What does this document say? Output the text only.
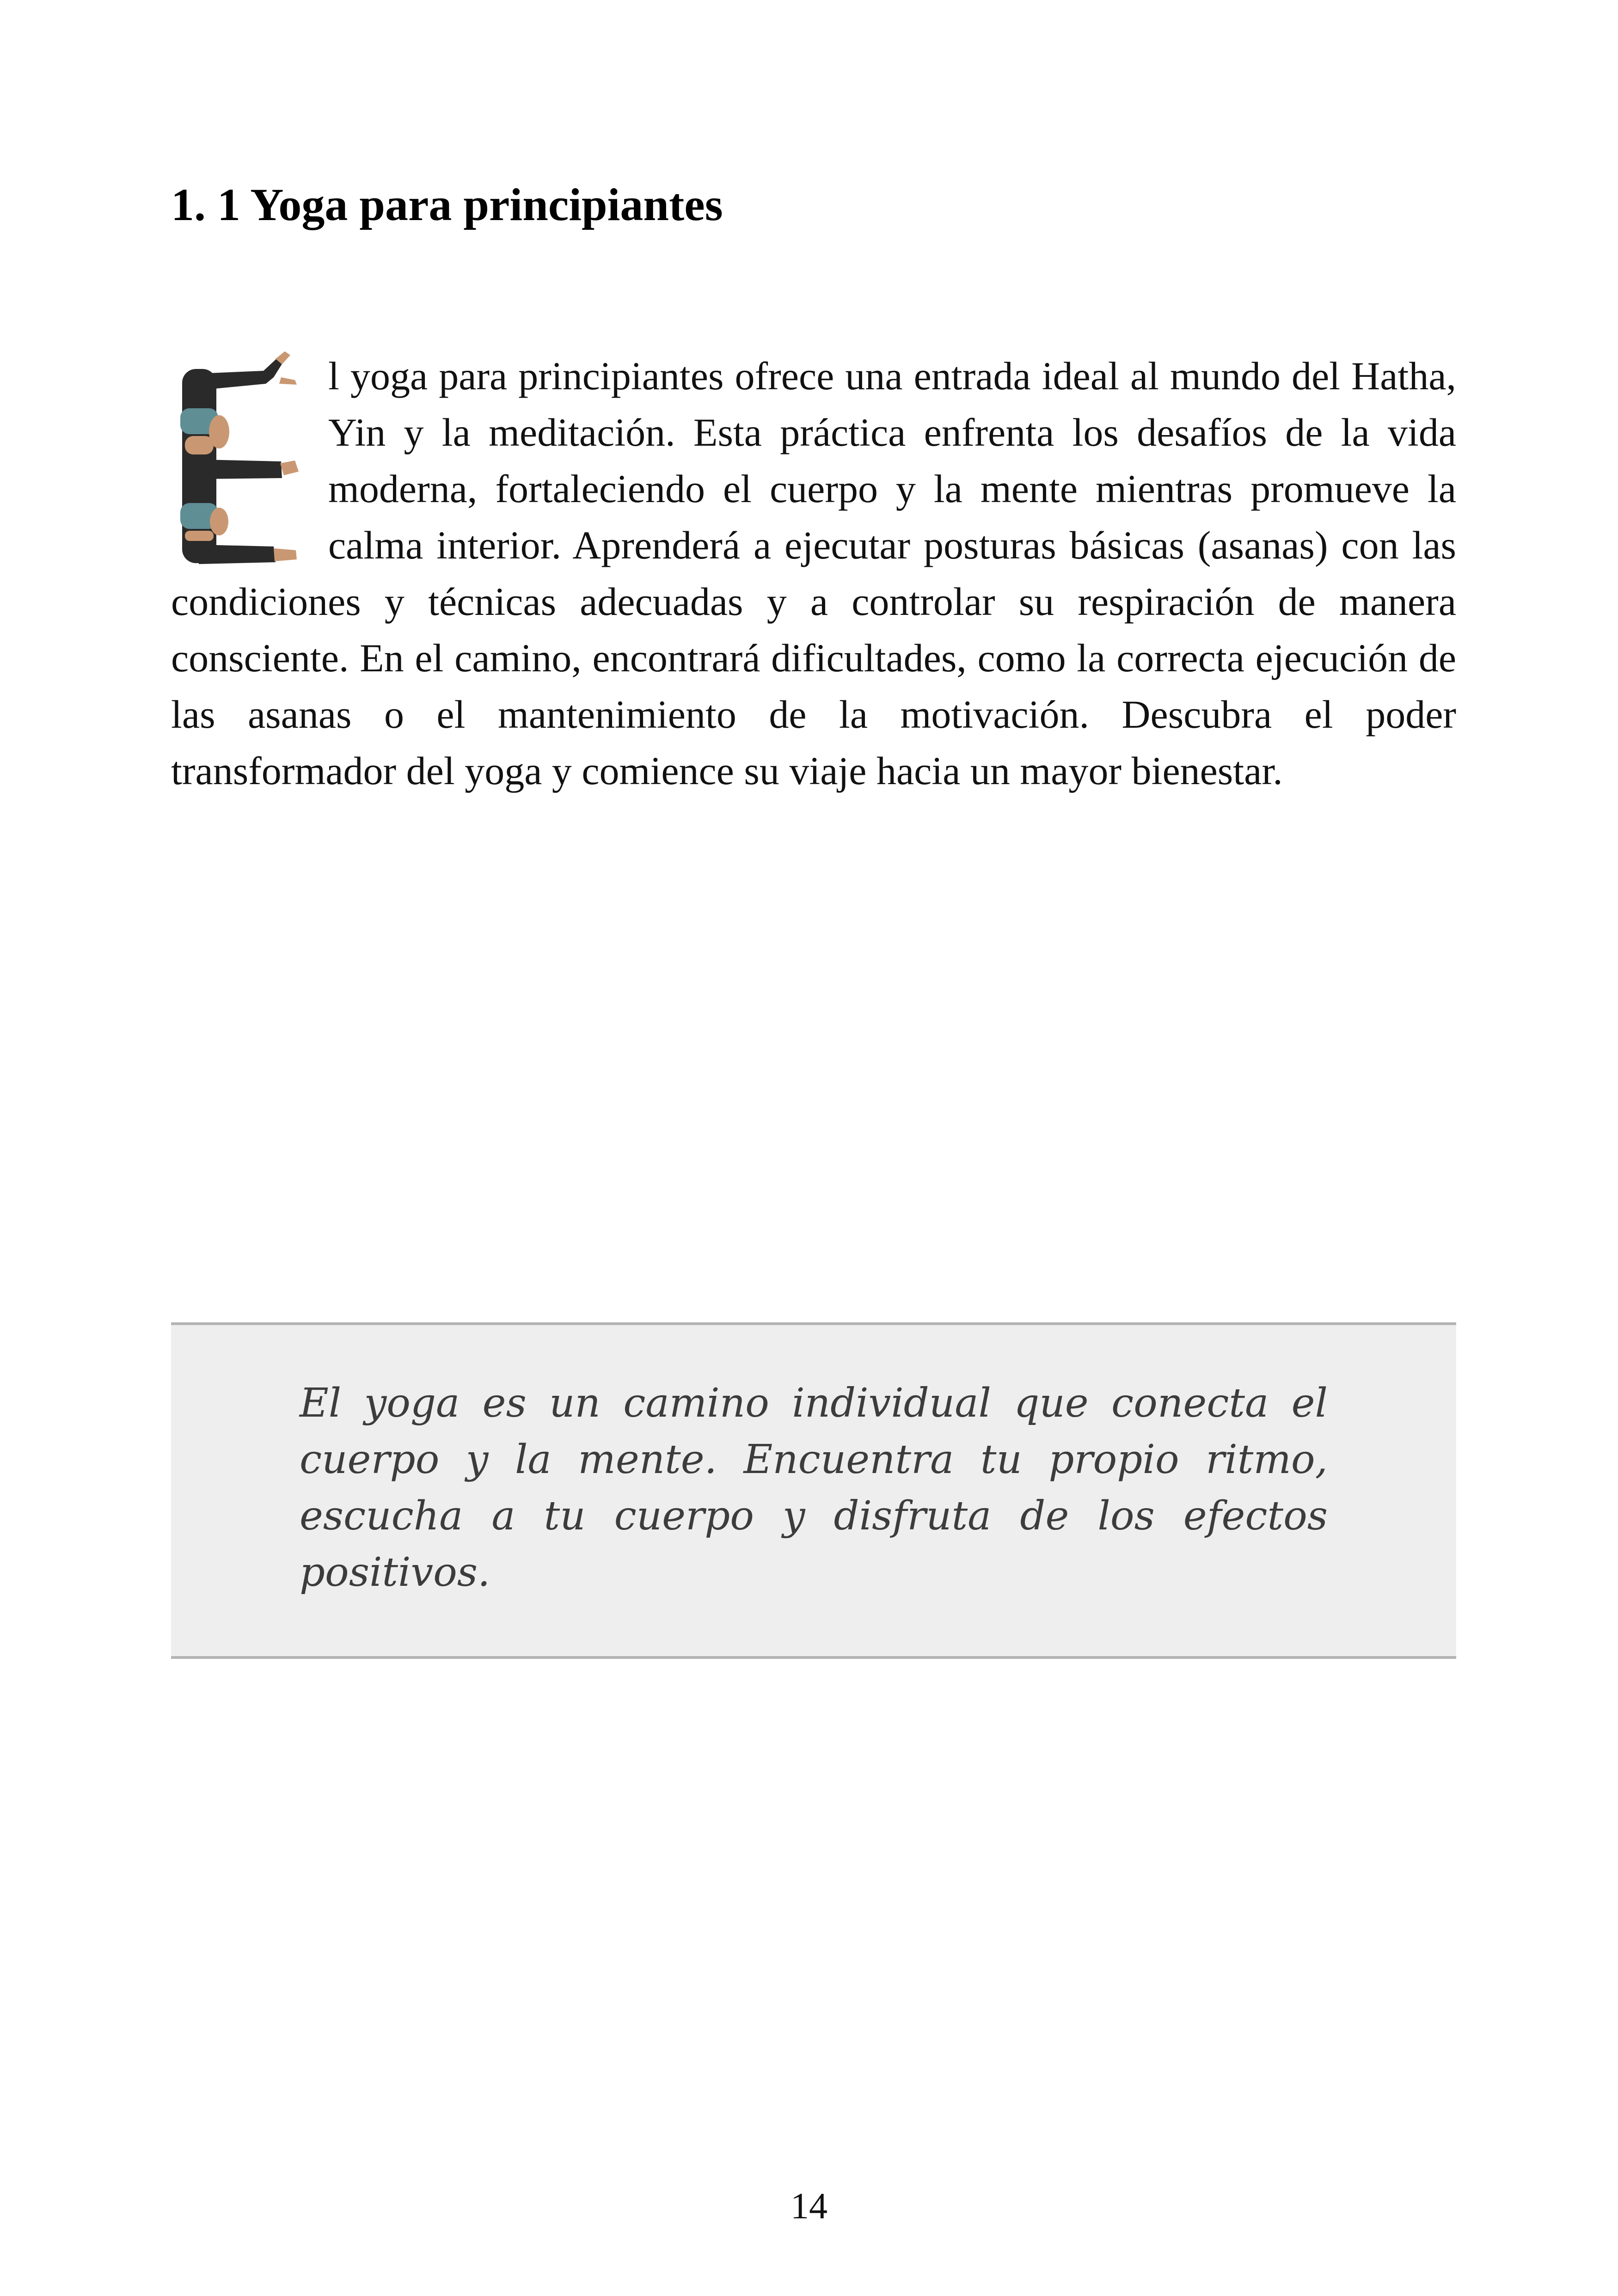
1. 1 Yoga para principiantes

l yoga para principiantes ofrece una entrada ideal al mundo del Hatha, Yin y la meditación. Esta práctica enfrenta los desafíos de la vida moderna, fortaleciendo el cuerpo y la mente mientras promueve la calma interior. Aprenderá a ejecutar posturas básicas (asanas) con las condiciones y técnicas adecuadas y a controlar su respiración de manera consciente. En el camino, encontrará dificultades, como la correcta ejecución de las asanas o el mantenimiento de la motivación. Descubra el poder transformador del yoga y comience su viaje hacia un mayor bienestar.

El yoga es un camino individual que conecta el cuerpo y la mente. Encuentra tu propio ritmo, escucha a tu cuerpo y disfruta de los efectos positivos.

14
